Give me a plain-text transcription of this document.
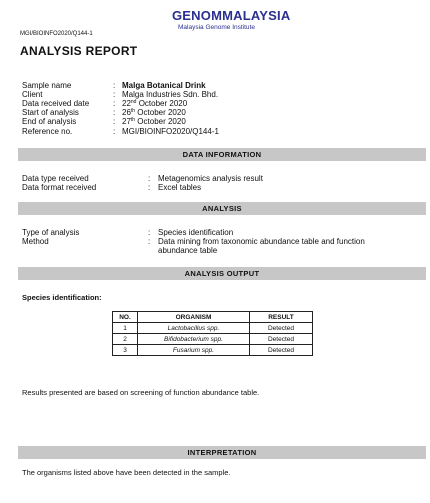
GENOMMALAYSIA
Malaysia Genome Institute
MGI/BIOINFO2020/Q144-1
ANALYSIS REPORT
Sample name	: Malga Botanical Drink
Client	: Malga Industries Sdn. Bhd.
Data received date	: 22nd October 2020
Start of analysis	: 26th October 2020
End of analysis	: 27th October 2020
Reference no.	: MGI/BIOINFO2020/Q144-1
DATA INFORMATION
Data type received	: Metagenomics analysis result
Data format received	: Excel tables
ANALYSIS
Type of analysis	: Species identification
Method	: Data mining from taxonomic abundance table and function
abundance table
ANALYSIS OUTPUT
Species identification:
NO.	ORGANISM	RESULT
1	Lactobacillus spp.	Detected
2	Bifidobacterium spp.	Detected
3	Fusarium spp.	Detected
Results presented are based on screening of function abundance table.
INTERPRETATION
The organisms listed above have been detected in the sample.
